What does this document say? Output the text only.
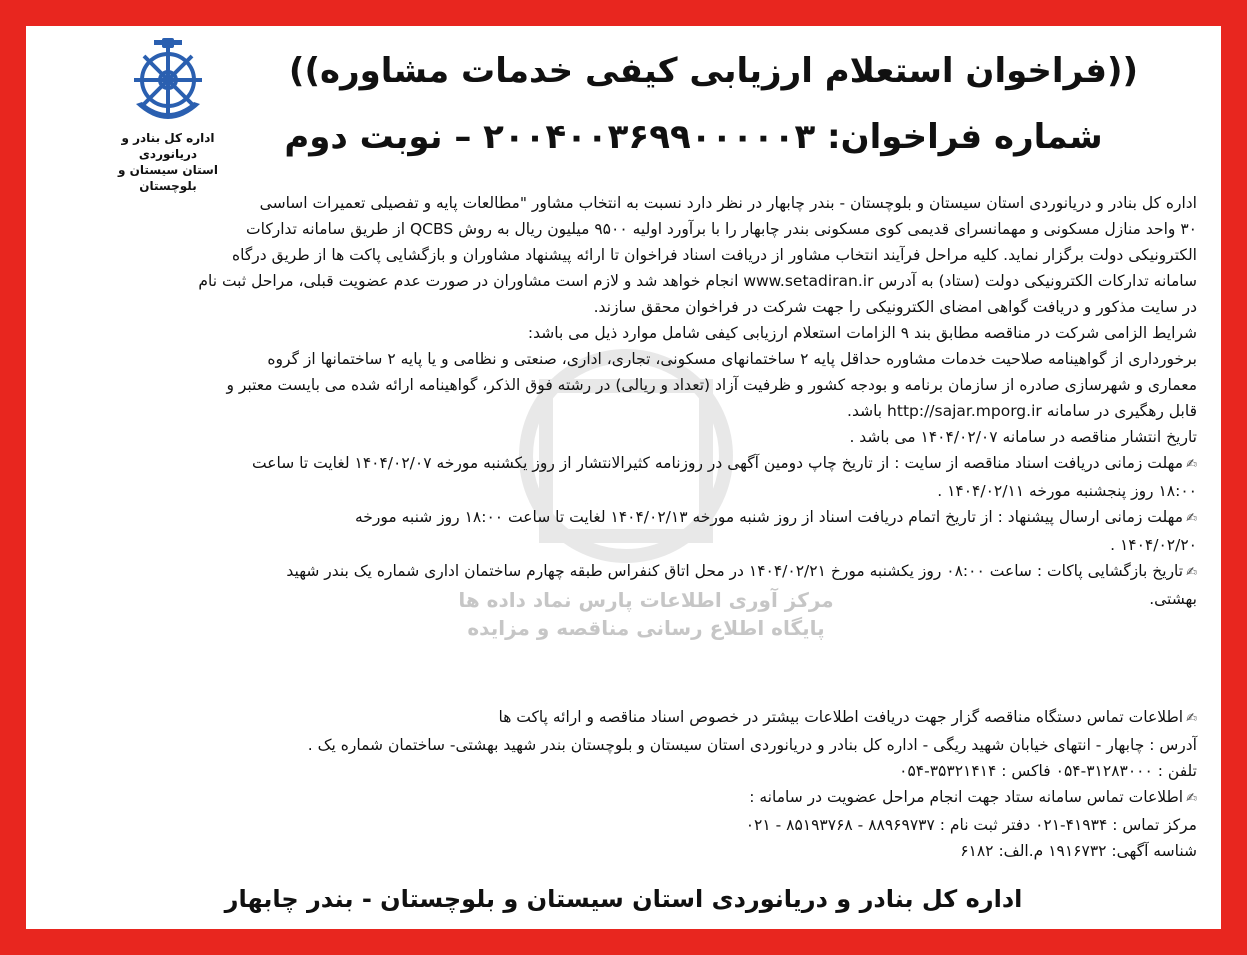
اداره کل بنادر و دریانوردی
استان سیستان و بلوچستان
((فراخوان استعلام ارزیابی کیفی خدمات مشاوره))
شماره فراخوان: ۲۰۰۴۰۰۳۶۹۹۰۰۰۰۰۳ – نوبت دوم

اداره کل بنادر و دریانوردی استان سیستان و بلوچستان - بندر چابهار در نظر دارد نسبت به انتخاب مشاور "مطالعات پایه و تفصیلی تعمیرات اساسی
۳۰ واحد منازل مسکونی و مهمانسرای قدیمی کوی مسکونی بندر چابهار را با برآورد اولیه ۹۵۰۰ میلیون ریال به روش QCBS از طریق سامانه تدارکات
الکترونیکی دولت برگزار نماید. کلیه مراحل فرآیند انتخاب مشاور از دریافت اسناد فراخوان تا ارائه پیشنهاد مشاوران و بازگشایی پاکت ها از طریق درگاه
سامانه تدارکات الکترونیکی دولت (ستاد) به آدرس www.setadiran.ir انجام خواهد شد و لازم است مشاوران در صورت عدم عضویت قبلی، مراحل ثبت نام
در سایت مذکور و دریافت گواهی امضای الکترونیکی را جهت شرکت در فراخوان محقق سازند.

شرایط الزامی شرکت در مناقصه مطابق بند ۹ الزامات استعلام ارزیابی کیفی شامل موارد ذیل می باشد:
برخورداری از گواهینامه صلاحیت خدمات مشاوره حداقل پایه ۲ ساختمانهای مسکونی، تجاری، اداری، صنعتی و نظامی و یا پایه ۲ ساختمانها از گروه
معماری و شهرسازی صادره از سازمان برنامه و بودجه کشور و ظرفیت آزاد (تعداد و ریالی) در رشته فوق الذکر، گواهینامه ارائه شده می بایست معتبر و
قابل رهگیری در سامانه http://sajar.mporg.ir باشد.
تاریخ انتشار مناقصه در سامانه ۱۴۰۴/۰۲/۰۷ می باشد .

✍مهلت زمانی دریافت اسناد مناقصه از سایت : از تاریخ چاپ دومین آگهی در روزنامه کثیرالانتشار از روز یکشنبه مورخه ۱۴۰۴/۰۲/۰۷ لغایت تا ساعت
۱۸:۰۰ روز پنجشنبه مورخه ۱۴۰۴/۰۲/۱۱ .
✍مهلت زمانی ارسال پیشنهاد : از تاریخ اتمام دریافت اسناد از روز شنبه مورخه ۱۴۰۴/۰۲/۱۳ لغایت تا ساعت ۱۸:۰۰ روز شنبه مورخه
۱۴۰۴/۰۲/۲۰ .
✍تاریخ بازگشایی پاکات : ساعت ۰۸:۰۰ روز یکشنبه مورخ ۱۴۰۴/۰۲/۲۱ در محل اتاق کنفراس طبقه چهارم ساختمان اداری شماره یک بندر شهید
بهشتی.

مرکز آوری اطلاعات پارس نماد داده ها
پایگاه اطلاع رسانی مناقصه و مزایده
✍اطلاعات تماس دستگاه مناقصه گزار جهت دریافت اطلاعات بیشتر در خصوص اسناد مناقصه و ارائه پاکت ها
آدرس : چابهار - انتهای خیابان شهید ریگی - اداره کل بنادر و دریانوردی استان سیستان و بلوچستان بندر شهید بهشتی- ساختمان شماره یک .
تلفن : ۳۱۲۸۳۰۰۰-۰۵۴ فاکس : ۳۵۳۲۱۴۱۴-۰۵۴
✍اطلاعات تماس سامانه ستاد جهت انجام مراحل عضویت در سامانه :
مرکز تماس : ۴۱۹۳۴-۰۲۱ دفتر ثبت نام : ۸۸۹۶۹۷۳۷ - ۸۵۱۹۳۷۶۸ - ۰۲۱
شناسه آگهی: ۱۹۱۶۷۳۲ م.الف: ۶۱۸۲
اداره کل بنادر و دریانوردی استان سیستان و بلوچستان - بندر چابهار
